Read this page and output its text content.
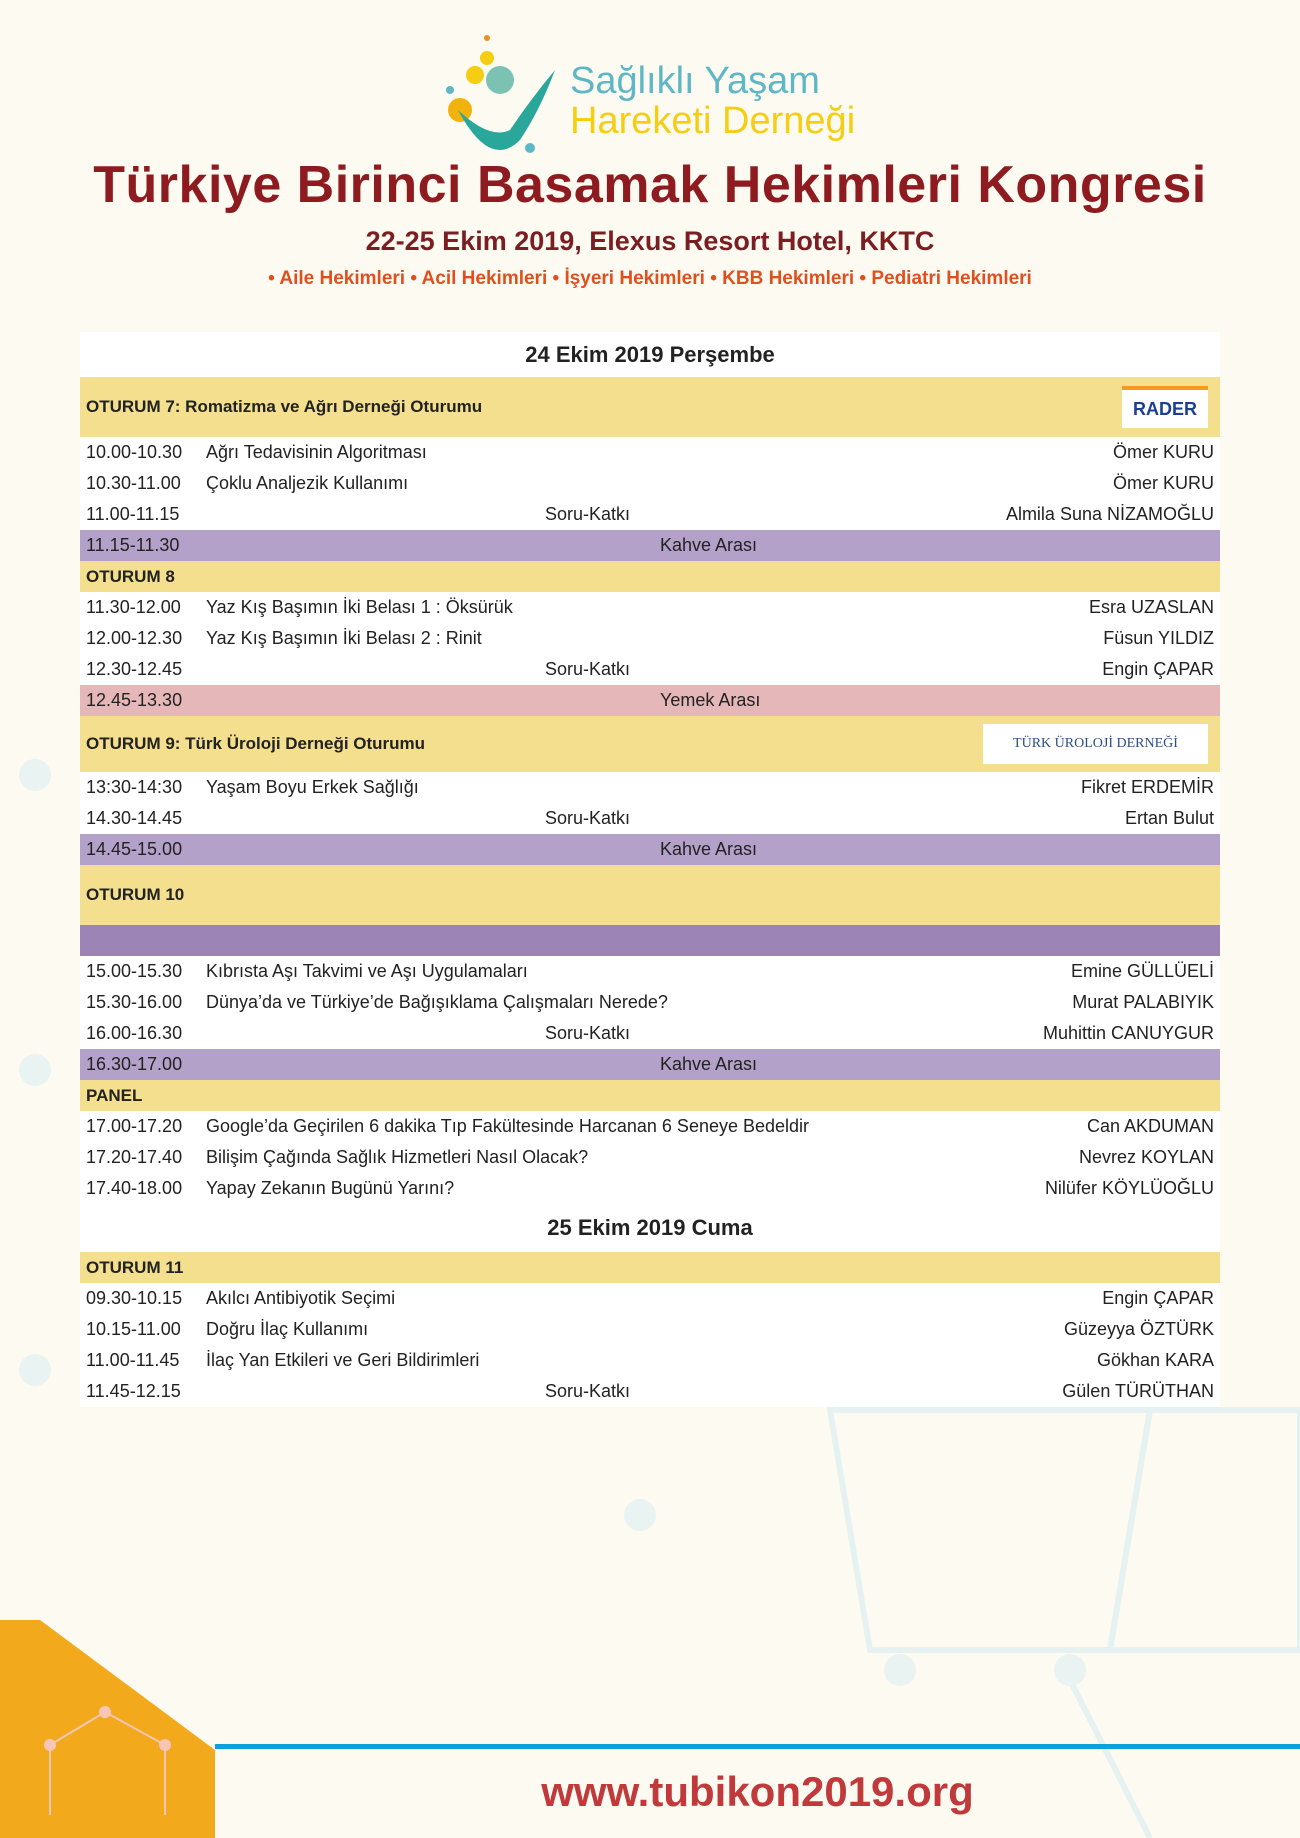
Sağlıklı Yaşam
Hareketi Derneği
Türkiye Birinci Basamak Hekimleri Kongresi
22-25 Ekim 2019, Elexus Resort Hotel, KKTC
• Aile Hekimleri • Acil Hekimleri • İşyeri Hekimleri • KBB Hekimleri • Pediatri Hekimleri
24 Ekim 2019 Perşembe
OTURUM 7: Romatizma ve Ağrı Derneği Oturumu	RADER
10.00-10.30	Ağrı Tedavisinin Algoritması	Ömer KURU
10.30-11.00	Çoklu Analjezik Kullanımı	Ömer KURU
11.00-11.15	Soru-Katkı	Almila Suna NİZAMOĞLU
11.15-11.30	Kahve Arası
OTURUM 8
11.30-12.00	Yaz Kış Başımın İki Belası 1 : Öksürük	Esra UZASLAN
12.00-12.30	Yaz Kış Başımın İki Belası 2 : Rinit	Füsun YILDIZ
12.30-12.45	Soru-Katkı	Engin ÇAPAR
12.45-13.30	Yemek Arası
OTURUM 9: Türk Üroloji Derneği Oturumu	TÜRK ÜROLOJİ DERNEĞİ
13:30-14:30	Yaşam Boyu Erkek Sağlığı	Fikret ERDEMİR
14.30-14.45	Soru-Katkı	Ertan Bulut
14.45-15.00	Kahve Arası
OTURUM 10
15.00-15.30	Kıbrısta Aşı Takvimi ve Aşı Uygulamaları	Emine GÜLLÜELİ
15.30-16.00	Dünya’da ve Türkiye’de Bağışıklama Çalışmaları Nerede?	Murat PALABIYIK
16.00-16.30	Soru-Katkı	Muhittin CANUYGUR
16.30-17.00	Kahve Arası
PANEL
17.00-17.20	Google’da Geçirilen 6 dakika Tıp Fakültesinde Harcanan 6 Seneye Bedeldir	Can AKDUMAN
17.20-17.40	Bilişim Çağında Sağlık Hizmetleri Nasıl Olacak?	Nevrez KOYLAN
17.40-18.00	Yapay Zekanın Bugünü Yarını?	Nilüfer KÖYLÜOĞLU
25 Ekim 2019 Cuma
OTURUM 11
09.30-10.15	Akılcı Antibiyotik Seçimi	Engin ÇAPAR
10.15-11.00	Doğru İlaç Kullanımı	Güzeyya ÖZTÜRK
11.00-11.45	İlaç Yan Etkileri ve Geri Bildirimleri	Gökhan KARA
11.45-12.15	Soru-Katkı	Gülen TÜRÜTHAN
www.tubikon2019.org
